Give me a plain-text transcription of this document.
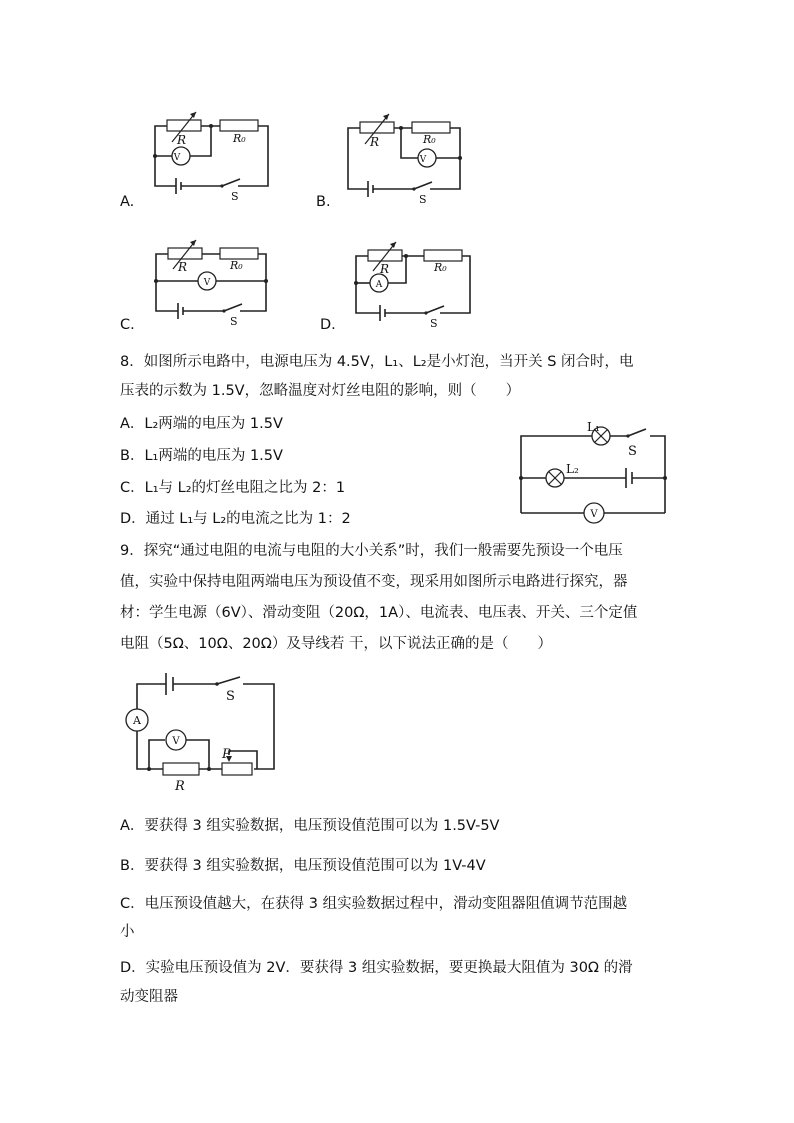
A.	B.
C.	D.
R	R₀
V
S
R	R₀
V
S
R	R₀
V
S
R	R₀
A
S
8．如图所示电路中，电源电压为 4.5V，L₁、L₂是小灯泡，当开关 S 闭合时，电
压表的示数为 1.5V，忽略温度对灯丝电阻的影响，则（　　）
A．L₂两端的电压为 1.5V
B．L₁两端的电压为 1.5V
C．L₁与 L₂的灯丝电阻之比为 2：1
D．通过 L₁与 L₂的电流之比为 1：2
L₁
L₂
S
V
9．探究“通过电阻的电流与电阻的大小关系”时，我们一般需要先预设一个电压
值，实验中保持电阻两端电压为预设值不变，现采用如图所示电路进行探究，器
材：学生电源（6V）、滑动变阻（20Ω，1A）、电流表、电压表、开关、三个定值
电阻（5Ω、10Ω、20Ω）及导线若 干，以下说法正确的是（　　）
A
V
S
P
R
A．要获得 3 组实验数据，电压预设值范围可以为 1.5V-5V
B．要获得 3 组实验数据，电压预设值范围可以为 1V-4V
C．电压预设值越大，在获得 3 组实验数据过程中，滑动变阻器阻值调节范围越
小
D．实验电压预设值为 2V．要获得 3 组实验数据，要更换最大阻值为 30Ω 的滑
动变阻器
